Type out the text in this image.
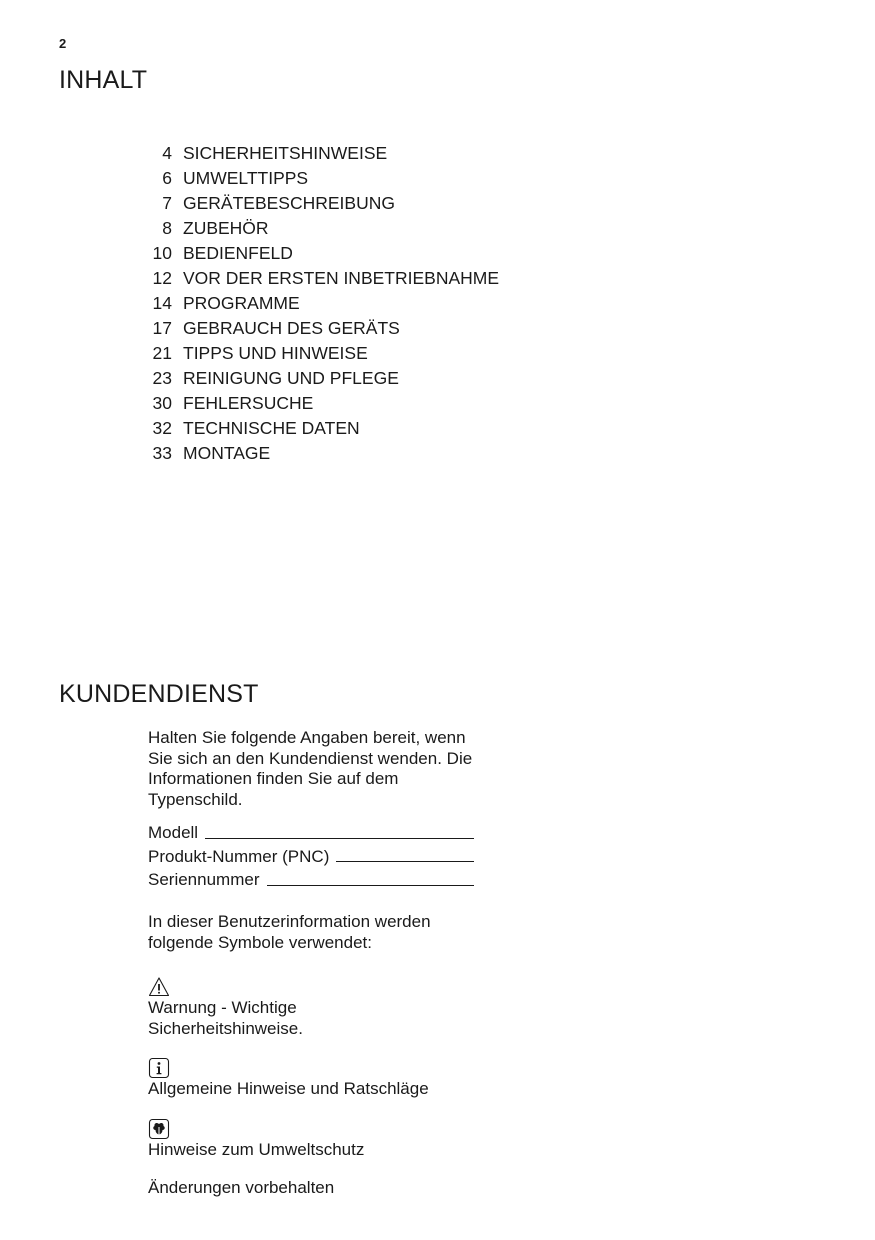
2
INHALT
4 SICHERHEITSHINWEISE
6 UMWELTTIPPS
7 GERÄTEBESCHREIBUNG
8 ZUBEHÖR
10 BEDIENFELD
12 VOR DER ERSTEN INBETRIEBNAHME
14 PROGRAMME
17 GEBRAUCH DES GERÄTS
21 TIPPS UND HINWEISE
23 REINIGUNG UND PFLEGE
30 FEHLERSUCHE
32 TECHNISCHE DATEN
33 MONTAGE
KUNDENDIENST
Halten Sie folgende Angaben bereit, wenn Sie sich an den Kundendienst wenden. Die Informationen finden Sie auf dem Typenschild.
Modell
Produkt-Nummer (PNC)
Seriennummer
In dieser Benutzerinformation werden folgende Symbole verwendet:
Warnung - Wichtige Sicherheitshinweise.
Allgemeine Hinweise und Ratschläge
Hinweise zum Umweltschutz
Änderungen vorbehalten
